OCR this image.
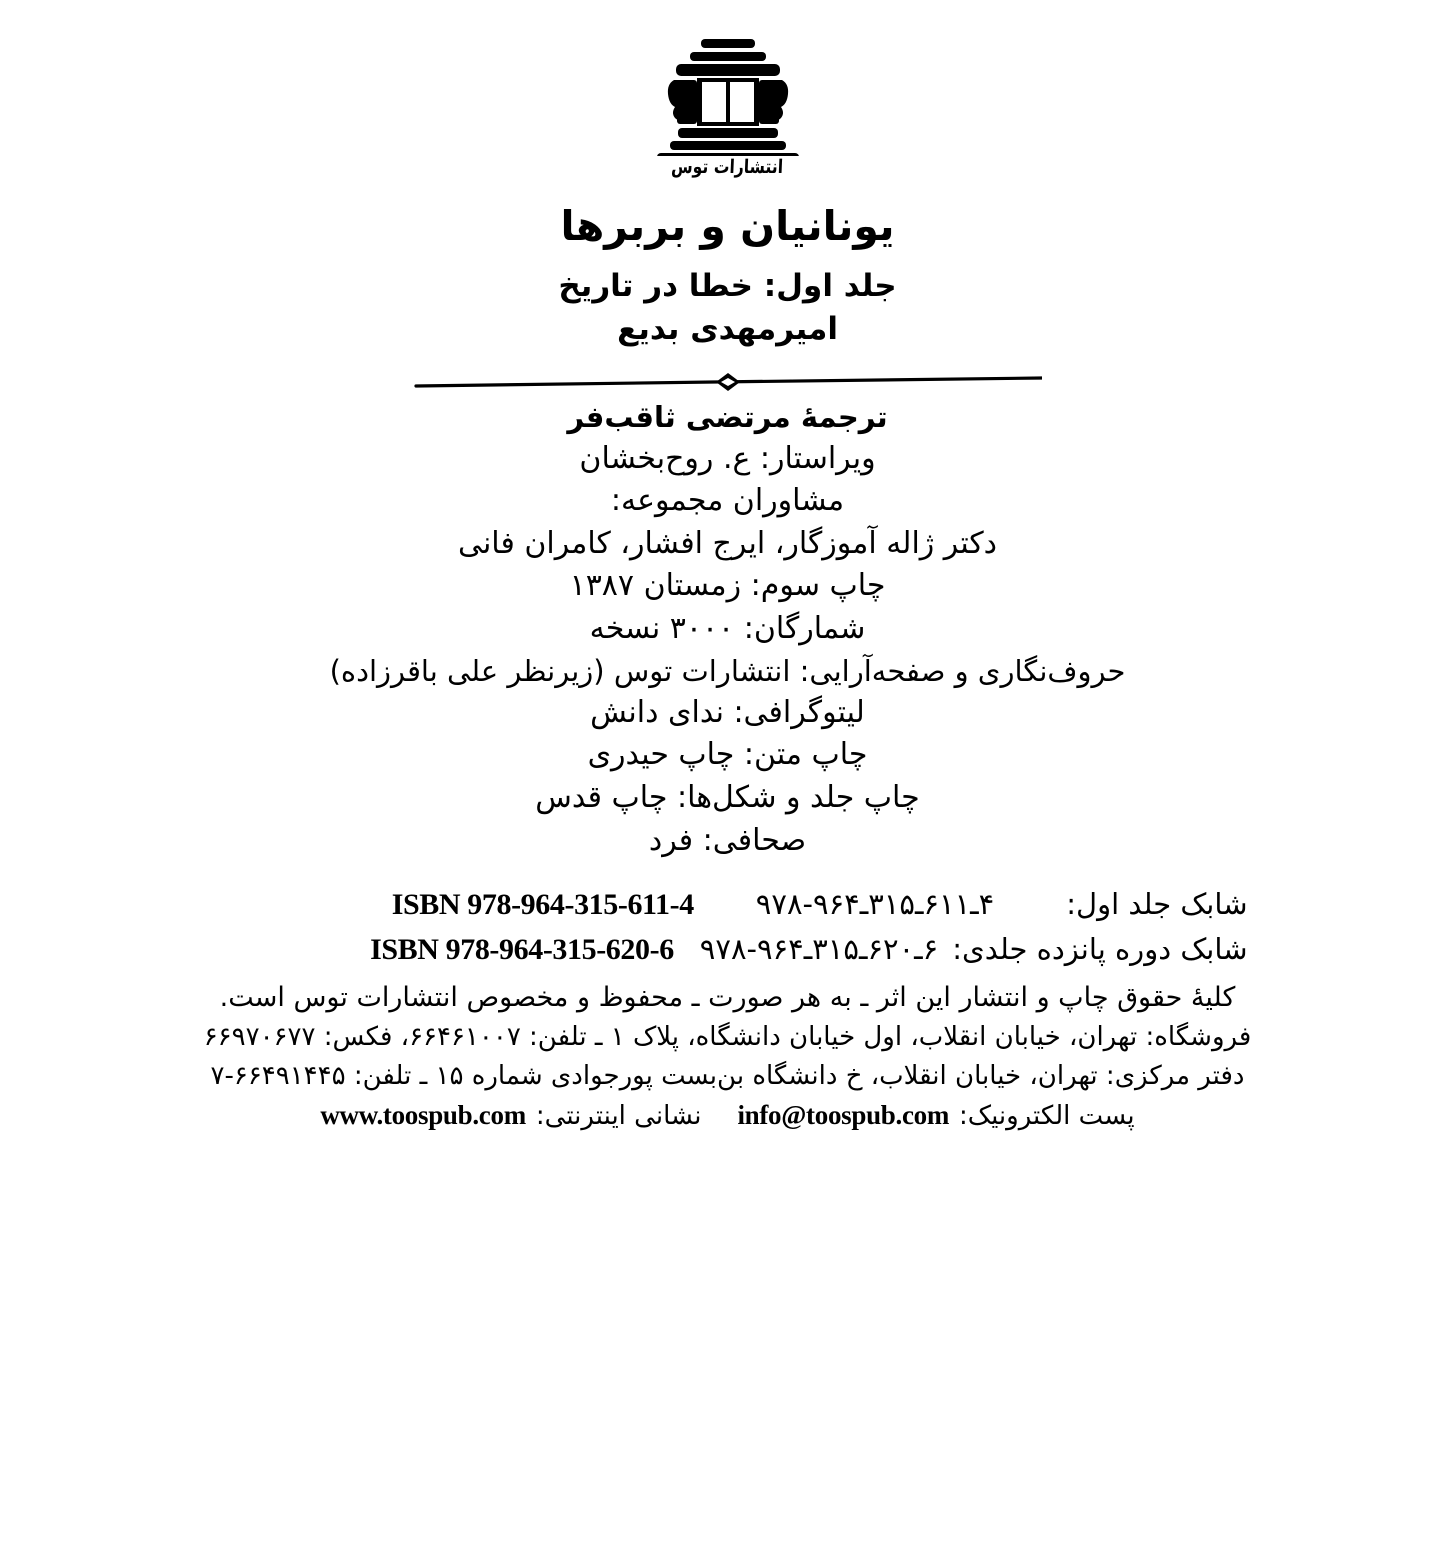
انتشارات توس
یونانیان و بربرها
جلد اول: خطا در تاریخ
امیرمهدی بدیع
ترجمهٔ مرتضی ثاقب‌فر
ویراستار: ع. روح‌بخشان
مشاوران مجموعه:
دکتر ژاله آموزگار، ایرج افشار، کامران فانی
چاپ سوم: زمستان ۱۳۸۷
شمارگان: ۳۰۰۰ نسخه
حروف‌نگاری و صفحه‌آرایی: انتشارات توس (زیرنظر علی باقرزاده)
لیتوگرافی: ندای دانش
چاپ متن: چاپ حیدری
چاپ جلد و شکل‌ها: چاپ قدس
صحافی: فرد
شابک جلد اول:
۹۷۸-۹۶۴ـ۳۱۵ـ۶۱۱ـ۴
ISBN 978-964-315-611-4
شابک دوره پانزده جلدی:
۹۷۸-۹۶۴ـ۳۱۵ـ۶۲۰ـ۶
ISBN 978-964-315-620-6
کلیهٔ حقوق چاپ و انتشار این اثر ـ به هر صورت ـ محفوظ و مخصوص انتشارات توس است.
فروشگاه: تهران، خیابان انقلاب، اول خیابان دانشگاه، پلاک ۱ ـ تلفن: ۶۶۴۶۱۰۰۷، فکس: ۶۶۹۷۰۶۷۷
دفتر مرکزی: تهران، خیابان انقلاب، خ دانشگاه بن‌بست پورجوادی شماره ۱۵ ـ تلفن: ۶۶۴۹۱۴۴۵-۷
پست الکترونیک:
info@toospub.com
نشانی اینترنتی:
www.toospub.com
